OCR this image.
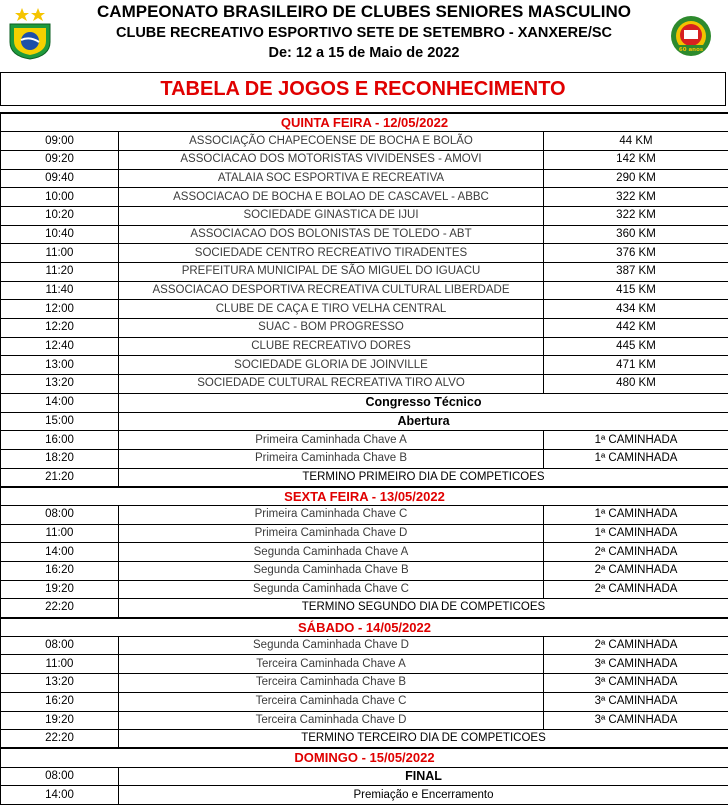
CAMPEONATO BRASILEIRO DE CLUBES SENIORES MASCULINO
CLUBE RECREATIVO ESPORTIVO SETE DE SETEMBRO - XANXERE/SC
De: 12 a 15 de Maio de 2022	60 anos
TABELA DE JOGOS E RECONHECIMENTO
QUINTA FEIRA - 12/05/2022		
09:00	ASSOCIAÇÃO CHAPECOENSE DE BOCHA E BOLÃO	44 KM
09:20	ASSOCIACAO DOS MOTORISTAS VIVIDENSES - AMOVI	142 KM
09:40	ATALAIA SOC ESPORTIVA E RECREATIVA	290 KM
10:00	ASSOCIACAO DE BOCHA E BOLAO DE CASCAVEL - ABBC	322 KM
10:20	SOCIEDADE GINASTICA DE IJUI	322 KM
10:40	ASSOCIACAO DOS BOLONISTAS DE TOLEDO - ABT	360 KM
11:00	SOCIEDADE CENTRO RECREATIVO TIRADENTES	376 KM
11:20	PREFEITURA MUNICIPAL DE SÃO MIGUEL DO IGUACU	387 KM
11:40	ASSOCIACAO DESPORTIVA RECREATIVA CULTURAL LIBERDADE	415 KM
12:00	CLUBE DE CAÇA E TIRO VELHA CENTRAL	434 KM
12:20	SUAC - BOM PROGRESSO	442 KM
12:40	CLUBE RECREATIVO DORES	445 KM
13:00	SOCIEDADE GLORIA DE JOINVILLE	471 KM
13:20	SOCIEDADE CULTURAL RECREATIVA TIRO ALVO	480 KM
14:00	Congresso Técnico	
15:00	Abertura	
16:00	Primeira Caminhada Chave A	1ª CAMINHADA
18:20	Primeira Caminhada Chave B	1ª CAMINHADA
21:20	TERMINO PRIMEIRO DIA DE COMPETICOES	
SEXTA FEIRA - 13/05/2022		
08:00	Primeira Caminhada Chave C	1ª CAMINHADA
11:00	Primeira Caminhada Chave D	1ª CAMINHADA
14:00	Segunda Caminhada Chave A	2ª CAMINHADA
16:20	Segunda Caminhada Chave B	2ª CAMINHADA
19:20	Segunda Caminhada Chave C	2ª CAMINHADA
22:20	TERMINO SEGUNDO DIA DE COMPETICOES	
SÁBADO - 14/05/2022		
08:00	Segunda Caminhada Chave D	2ª CAMINHADA
11:00	Terceira Caminhada Chave A	3ª CAMINHADA
13:20	Terceira Caminhada Chave B	3ª CAMINHADA
16:20	Terceira Caminhada Chave C	3ª CAMINHADA
19:20	Terceira Caminhada Chave D	3ª CAMINHADA
22:20	TERMINO TERCEIRO DIA DE COMPETICOES	
DOMINGO - 15/05/2022		
08:00	FINAL	
14:00	Premiação e Encerramento	
